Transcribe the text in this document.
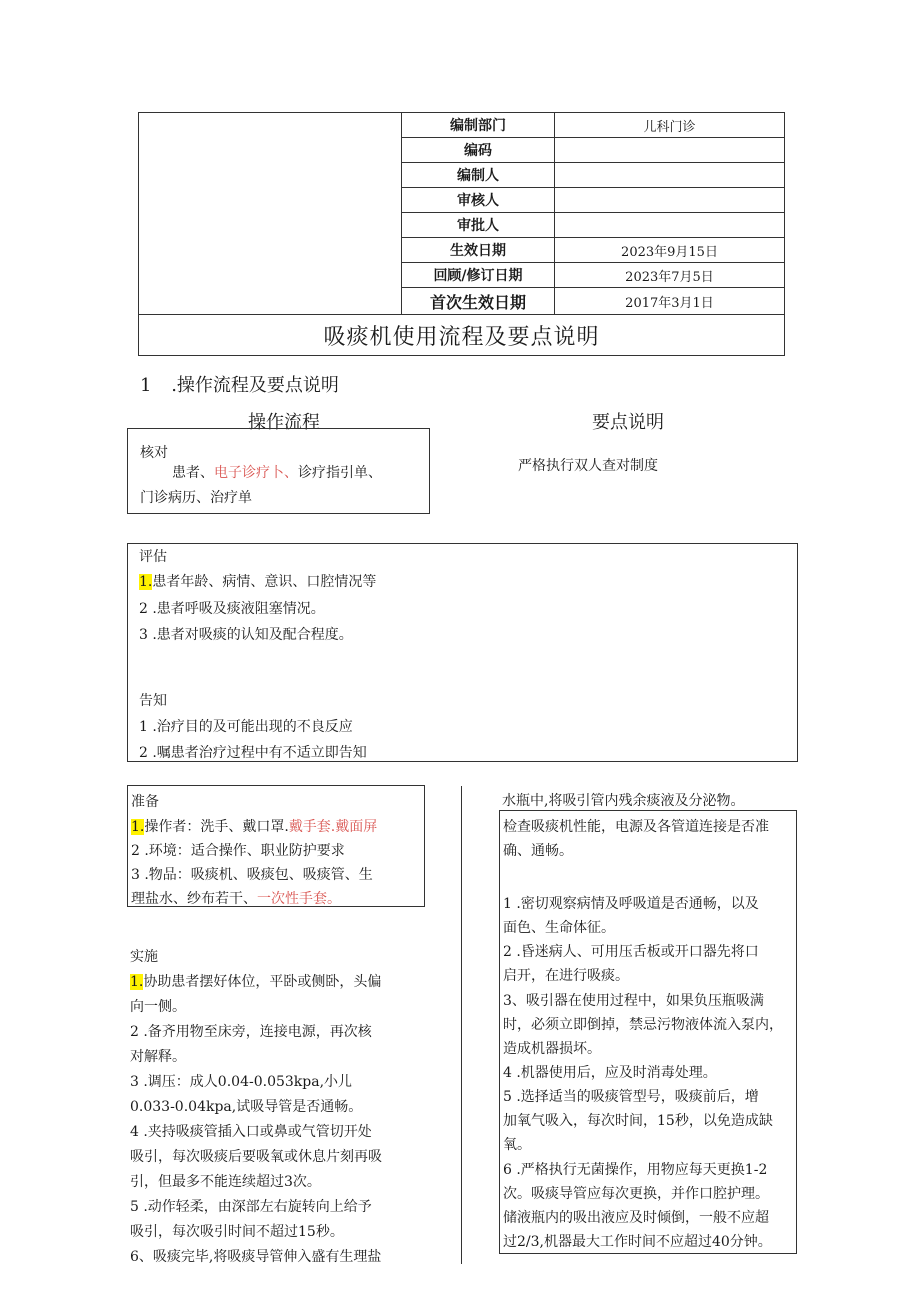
	编制部门	儿科门诊
	编码	
	编制人	
	审核人	
	审批人	
	生效日期	2023年9月15日
	回顾/修订日期	2023年7月5日
	首次生效日期	2017年3月1日
吸痰机使用流程及要点说明		
1 .操作流程及要点说明
操作流程	要点说明
核对
患者、电子诊疗卜、诊疗指引单、
门诊病历、治疗单
严格执行双人查对制度
评估
1.患者年龄、病情、意识、口腔情况等
2 .患者呼吸及痰液阻塞情况。
3 .患者对吸痰的认知及配合程度。
告知
1 .治疗目的及可能出现的不良反应
2 .嘱患者治疗过程中有不适立即告知
准备
1.操作者：洗手、戴口罩.戴手套.戴面屏
2 .环境：适合操作、职业防护要求
3 .物品：吸痰机、吸痰包、吸痰管、生
理盐水、纱布若干、一次性手套。
实施
1.协助患者摆好体位，平卧或侧卧，头偏
向一侧。
2 .备齐用物至床旁，连接电源，再次核
对解释。
3 .调压：成人0.04-0.053kpa,小儿
0.033-0.04kpa,试吸导管是否通畅。
4 .夹持吸痰管插入口或鼻或气管切开处
吸引，每次吸痰后要吸氧或休息片刻再吸
引，但最多不能连续超过3次。
5 .动作轻柔，由深部左右旋转向上给予
吸引，每次吸引时间不超过15秒。
6、吸痰完毕,将吸痰导管伸入盛有生理盐
水瓶中,将吸引管内残余痰液及分泌物。
检查吸痰机性能，电源及各管道连接是否准
确、通畅。
1 .密切观察病情及呼吸道是否通畅，以及
面色、生命体征。
2 .昏迷病人、可用压舌板或开口器先将口
启开，在进行吸痰。
3、吸引器在使用过程中，如果负压瓶吸满
时，必须立即倒掉，禁忌污物液体流入泵内，
造成机器损坏。
4 .机器使用后，应及时消毒处理。
5 .选择适当的吸痰管型号，吸痰前后，增
加氧气吸入，每次时间，15秒，以免造成缺
氧。
6 .严格执行无菌操作，用物应每天更换1-2
次。吸痰导管应每次更换，并作口腔护理。
储液瓶内的吸出液应及时倾倒，一般不应超
过2/3,机器最大工作时间不应超过40分钟。
